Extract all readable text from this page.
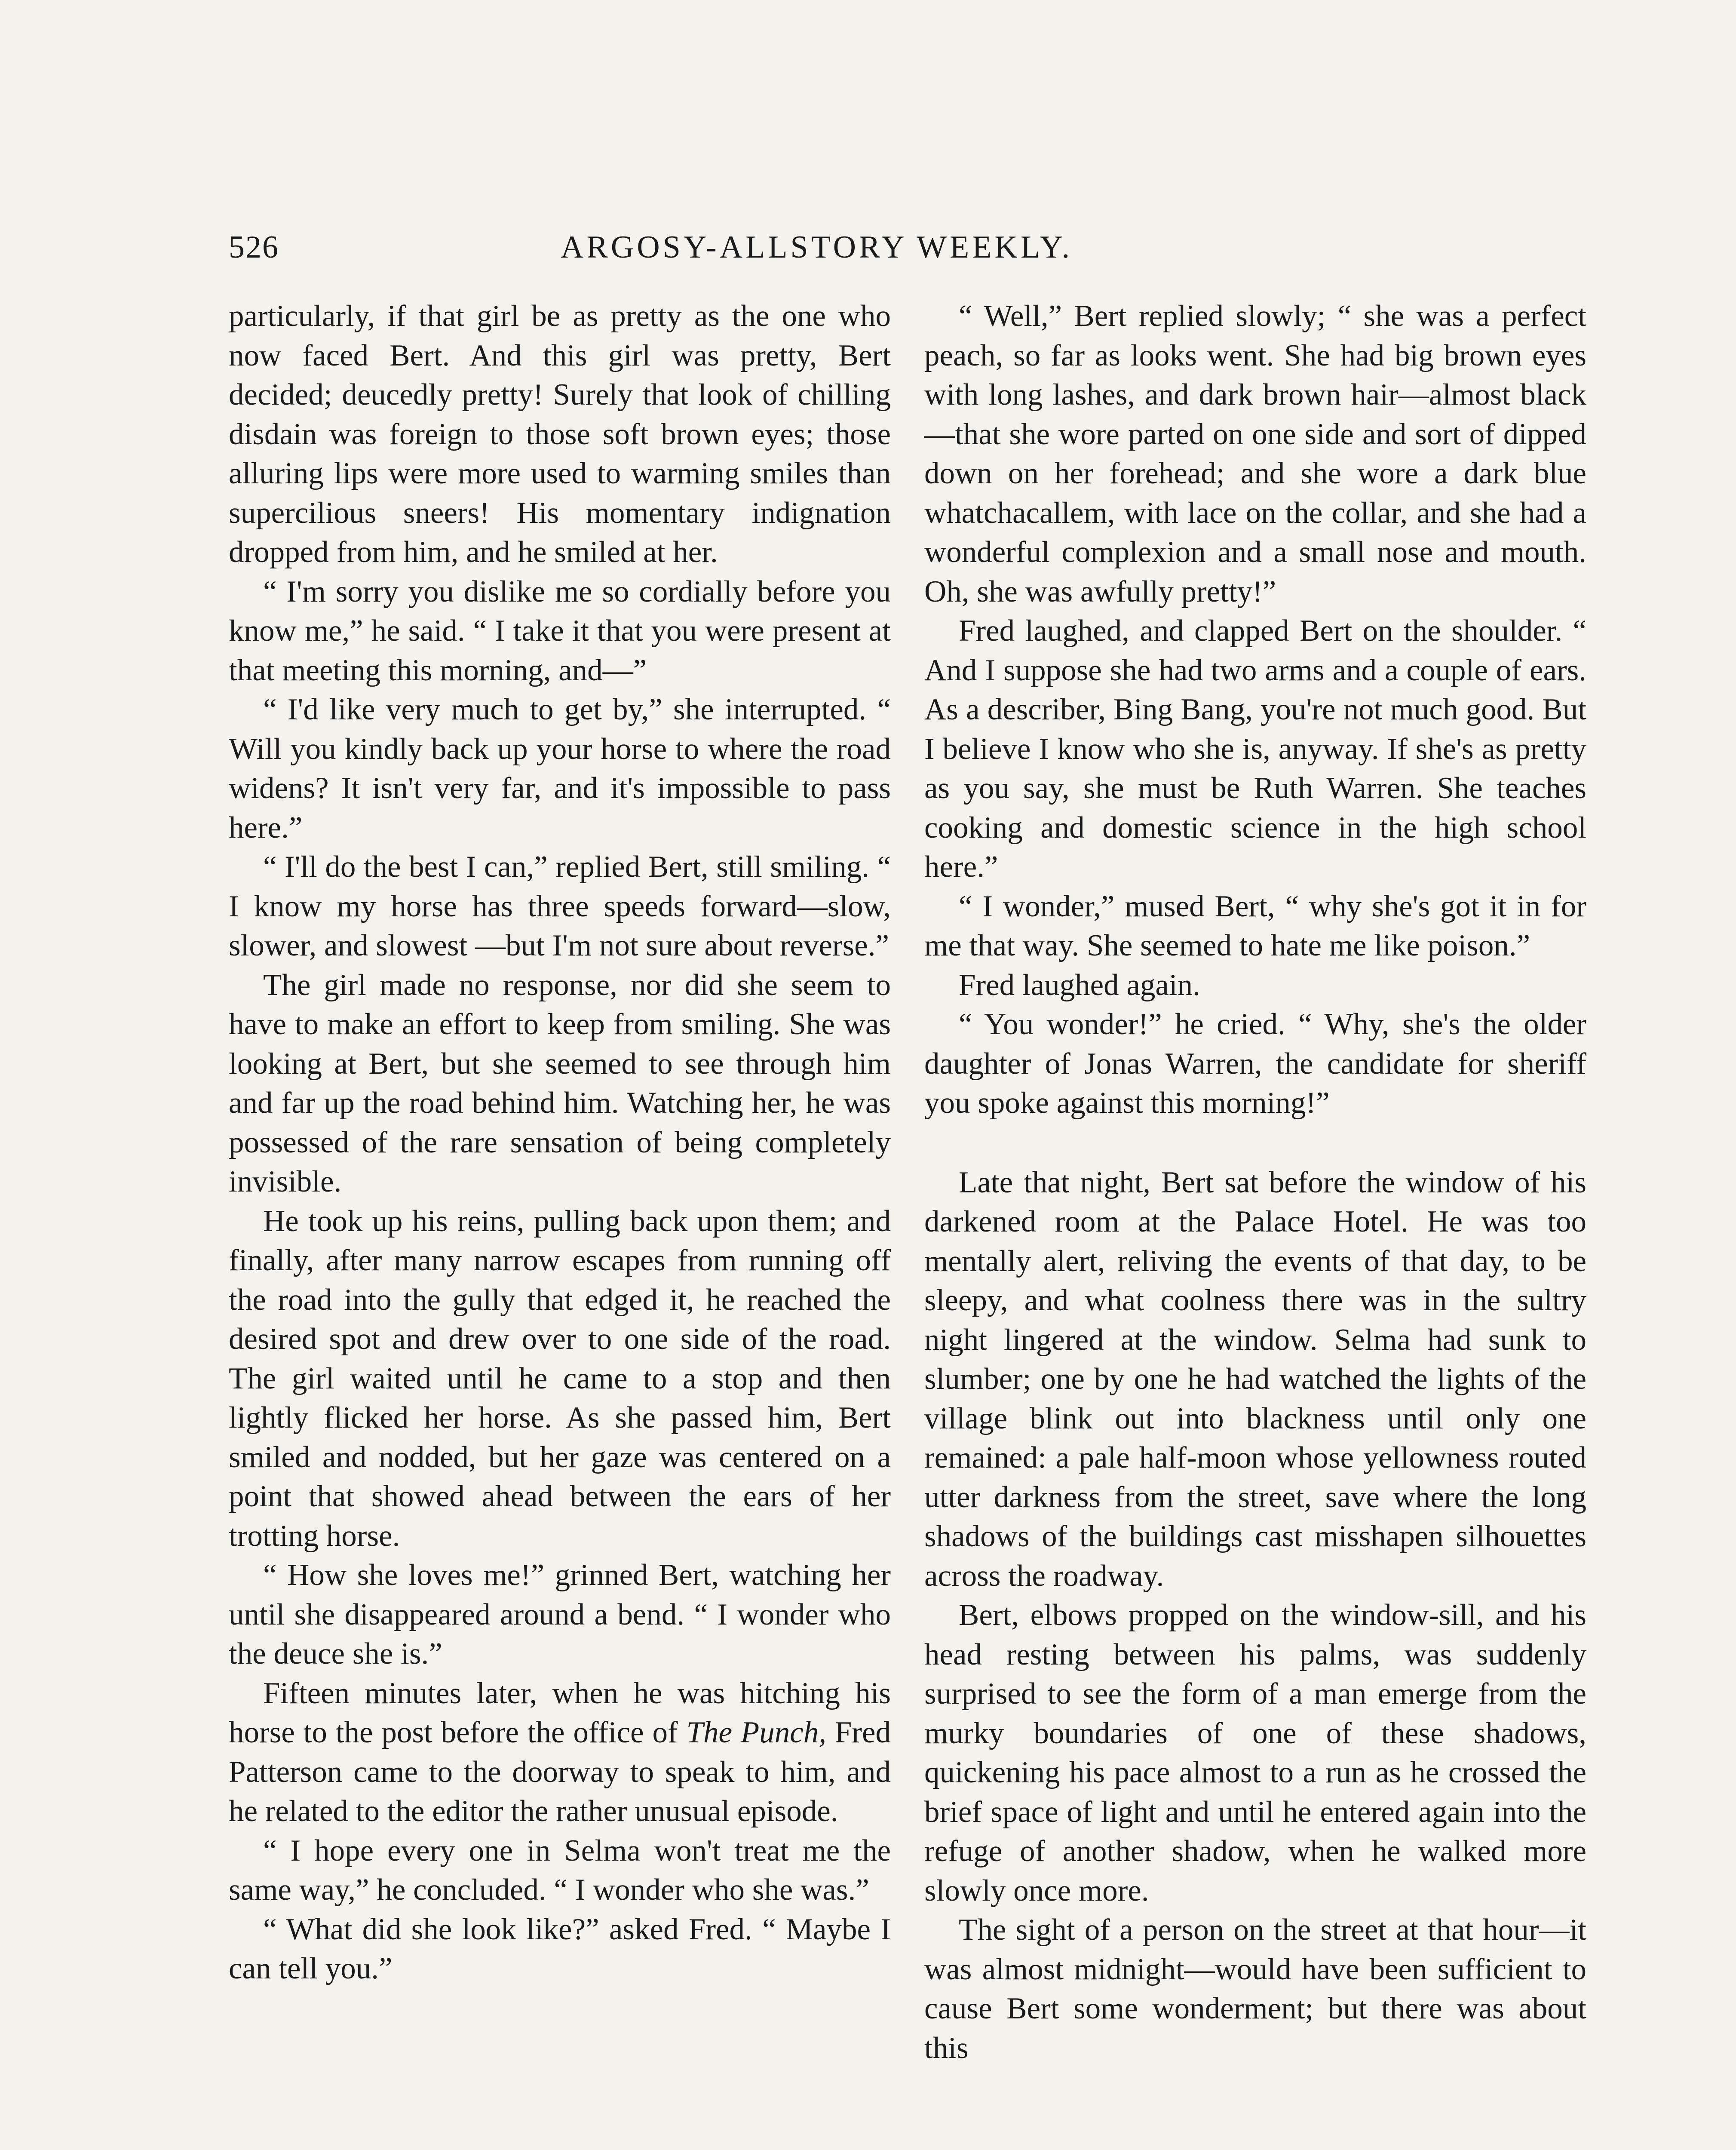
526	ARGOSY-ALLSTORY WEEKLY.

particularly, if that girl be as pretty as the one who now faced Bert. And this girl was pretty, Bert decided; deucedly pretty! Surely that look of chilling disdain was foreign to those soft brown eyes; those alluring lips were more used to warming smiles than supercilious sneers! His momentary indignation dropped from him, and he smiled at her.

“ I'm sorry you dislike me so cordially before you know me,” he said. “ I take it that you were present at that meeting this morning, and—”

“ I'd like very much to get by,” she interrupted. “ Will you kindly back up your horse to where the road widens? It isn't very far, and it's impossible to pass here.”

“ I'll do the best I can,” replied Bert, still smiling. “ I know my horse has three speeds forward—slow, slower, and slowest —but I'm not sure about reverse.”

The girl made no response, nor did she seem to have to make an effort to keep from smiling. She was looking at Bert, but she seemed to see through him and far up the road behind him. Watching her, he was possessed of the rare sensation of being completely invisible.

He took up his reins, pulling back upon them; and finally, after many narrow escapes from running off the road into the gully that edged it, he reached the desired spot and drew over to one side of the road. The girl waited until he came to a stop and then lightly flicked her horse. As she passed him, Bert smiled and nodded, but her gaze was centered on a point that showed ahead between the ears of her trotting horse.

“ How she loves me!” grinned Bert, watching her until she disappeared around a bend. “ I wonder who the deuce she is.”

Fifteen minutes later, when he was hitching his horse to the post before the office of The Punch, Fred Patterson came to the doorway to speak to him, and he related to the editor the rather unusual episode.

“ I hope every one in Selma won't treat me the same way,” he concluded. “ I wonder who she was.”

“ What did she look like?” asked Fred. “ Maybe I can tell you.”

“ Well,” Bert replied slowly; “ she was a perfect peach, so far as looks went. She had big brown eyes with long lashes, and dark brown hair—almost black—that she wore parted on one side and sort of dipped down on her forehead; and she wore a dark blue whatchacallem, with lace on the collar, and she had a wonderful complexion and a small nose and mouth. Oh, she was awfully pretty!”

Fred laughed, and clapped Bert on the shoulder. “ And I suppose she had two arms and a couple of ears. As a describer, Bing Bang, you're not much good. But I believe I know who she is, anyway. If she's as pretty as you say, she must be Ruth Warren. She teaches cooking and domestic science in the high school here.”

“ I wonder,” mused Bert, “ why she's got it in for me that way. She seemed to hate me like poison.”

Fred laughed again.

“ You wonder!” he cried. “ Why, she's the older daughter of Jonas Warren, the candidate for sheriff you spoke against this morning!”

Late that night, Bert sat before the window of his darkened room at the Palace Hotel. He was too mentally alert, reliving the events of that day, to be sleepy, and what coolness there was in the sultry night lingered at the window. Selma had sunk to slumber; one by one he had watched the lights of the village blink out into blackness until only one remained: a pale half-moon whose yellowness routed utter darkness from the street, save where the long shadows of the buildings cast misshapen silhouettes across the roadway.

Bert, elbows propped on the window-sill, and his head resting between his palms, was suddenly surprised to see the form of a man emerge from the murky boundaries of one of these shadows, quickening his pace almost to a run as he crossed the brief space of light and until he entered again into the refuge of another shadow, when he walked more slowly once more.

The sight of a person on the street at that hour—it was almost midnight—would have been sufficient to cause Bert some wonderment; but there was about this
